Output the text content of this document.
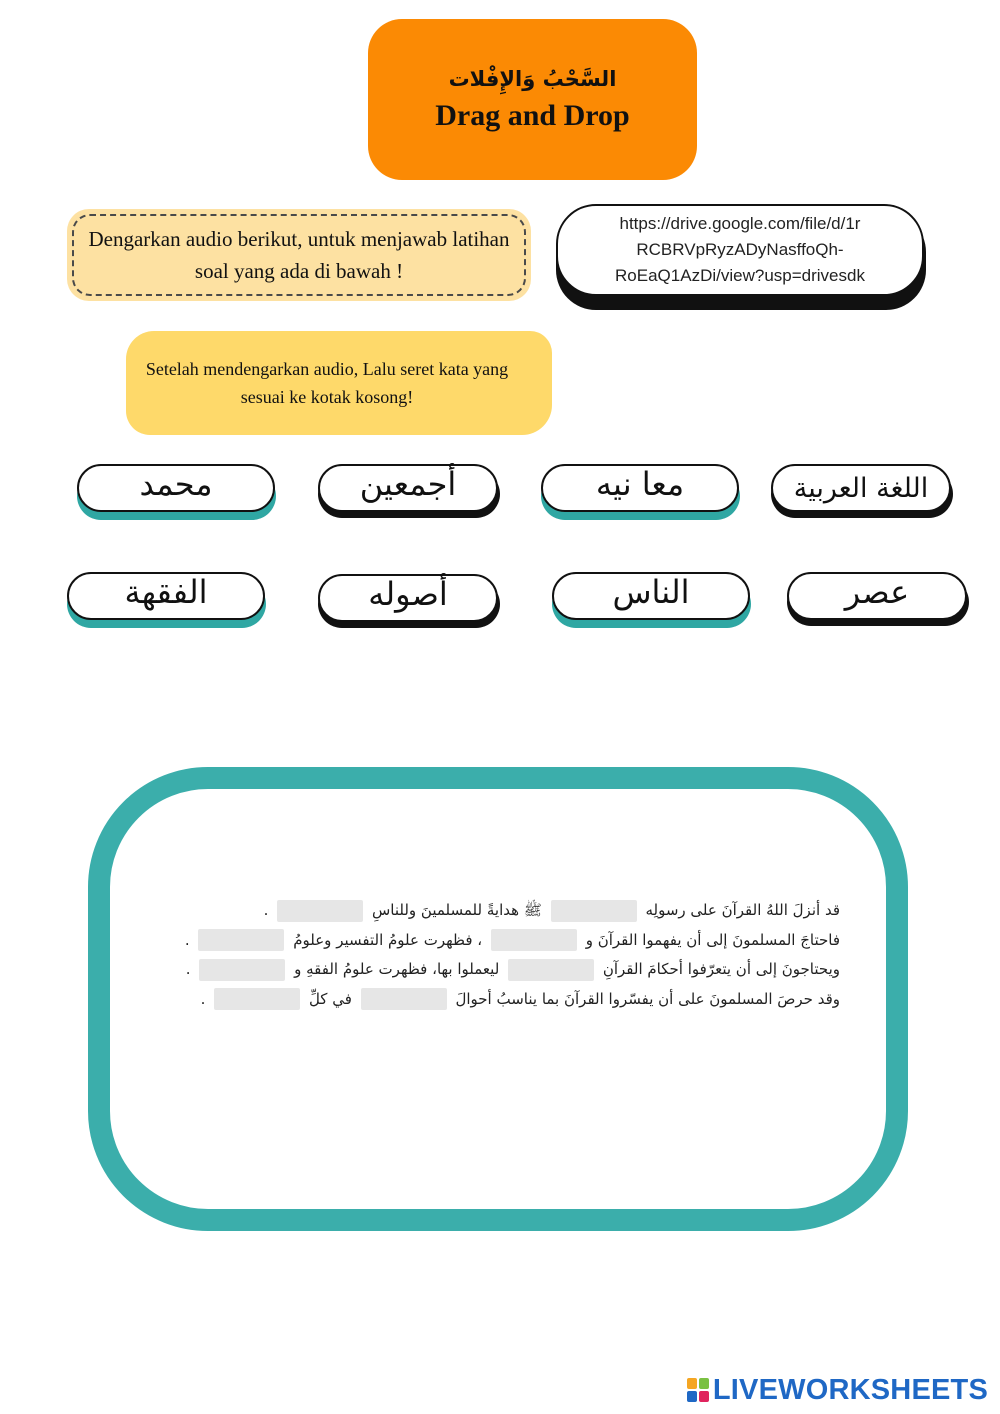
السَّحْبُ وَالإِفْلات
Drag and Drop
Dengarkan audio berikut, untuk menjawab latihan soal yang ada di bawah !
https://drive.google.com/file/d/1r
RCBRVpRyzADyNasffoQh-
RoEaQ1AzDi/view?usp=drivesdk
Setelah mendengarkan audio, Lalu seret kata yang sesuai ke kotak kosong!
محمد	أجمعين	معا نيه	اللغة العربية
الفقهة	أصوله	الناس	عصر
قد أنزلَ اللهُ القرآنَ على رسولِه  ﷺ هدايةً للمسلمينَ وللناسِ  .
فاحتاجَ المسلمونَ إلى أن يفهموا القرآنَ و  ، فظهرت علومُ التفسير وعلومُ  .
ويحتاجونَ إلى أن يتعرّفوا أحكامَ القرآنِ  ليعملوا بها، فظهرت علومُ الفقهِ و  .
وقد حرصَ المسلمونَ على أن يفسّروا القرآنَ بما يناسبُ أحوالَ  في كلِّ  .
LIVEWORKSHEETS
